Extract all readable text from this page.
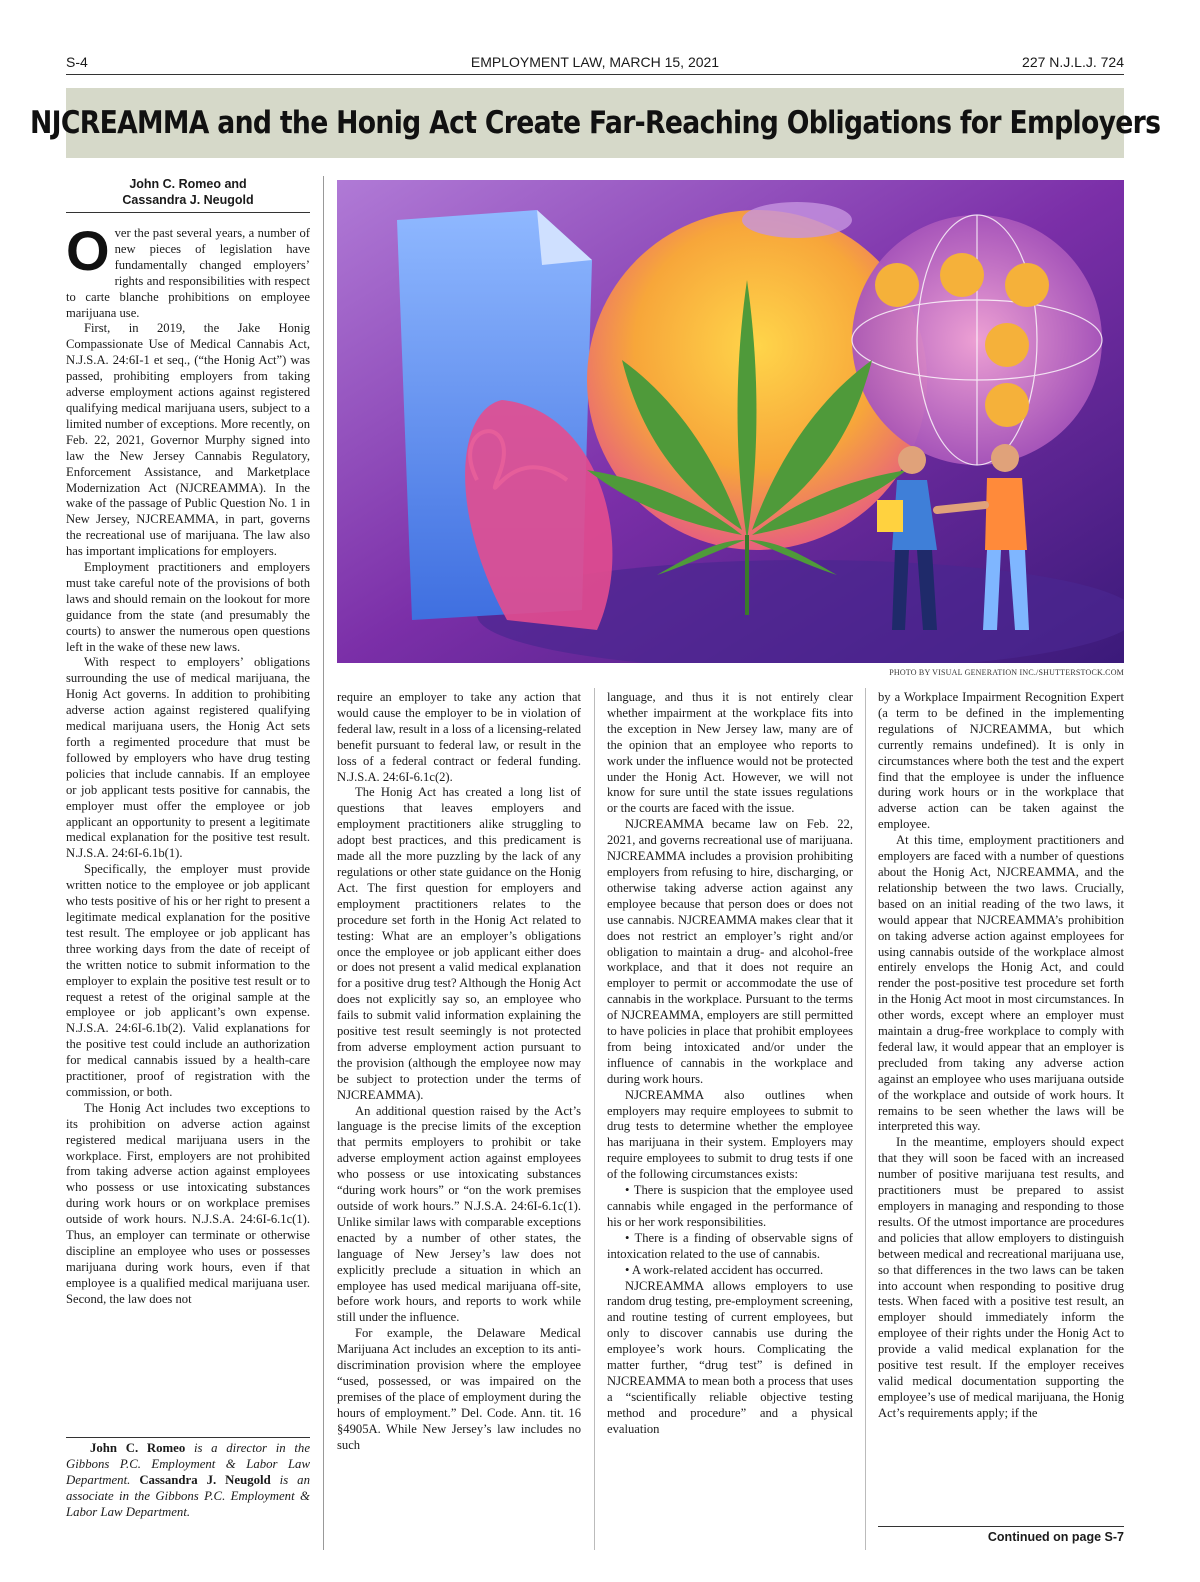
S-4	EMPLOYMENT LAW, MARCH 15, 2021	227 N.J.L.J. 724
NJCREAMMA and the Honig Act Create Far-Reaching Obligations for Employers
John C. Romeo and
Cassandra J. Neugold

Over the past several years, a number of new pieces of legislation have fundamentally changed employers’ rights and responsibilities with respect to carte blanche prohibitions on employee marijuana use.

First, in 2019, the Jake Honig Compassionate Use of Medical Cannabis Act, N.J.S.A. 24:6I-1 et seq., (“the Honig Act”) was passed, prohibiting employers from taking adverse employment actions against registered qualifying medical marijuana users, subject to a limited number of exceptions. More recently, on Feb. 22, 2021, Governor Murphy signed into law the New Jersey Cannabis Regulatory, Enforcement Assistance, and Marketplace Modernization Act (NJCREAMMA). In the wake of the passage of Public Question No. 1 in New Jersey, NJCREAMMA, in part, governs the recreational use of marijuana. The law also has important implications for employers.

Employment practitioners and employers must take careful note of the provisions of both laws and should remain on the lookout for more guidance from the state (and presumably the courts) to answer the numerous open questions left in the wake of these new laws.

With respect to employers’ obligations surrounding the use of medical marijuana, the Honig Act governs. In addition to prohibiting adverse action against registered qualifying medical marijuana users, the Honig Act sets forth a regimented procedure that must be followed by employers who have drug testing policies that include cannabis. If an employee or job applicant tests positive for cannabis, the employer must offer the employee or job applicant an opportunity to present a legitimate medical explanation for the positive test result. N.J.S.A. 24:6I-6.1b(1).

Specifically, the employer must provide written notice to the employee or job applicant who tests positive of his or her right to present a legitimate medical explanation for the positive test result. The employee or job applicant has three working days from the date of receipt of the written notice to submit information to the employer to explain the positive test result or to request a retest of the original sample at the employee or job applicant’s own expense. N.J.S.A. 24:6I-6.1b(2). Valid explanations for the positive test could include an authorization for medical cannabis issued by a health-care practitioner, proof of registration with the commission, or both.

The Honig Act includes two exceptions to its prohibition on adverse action against registered medical marijuana users in the workplace. First, employers are not prohibited from taking adverse action against employees who possess or use intoxicating substances during work hours or on workplace premises outside of work hours. N.J.S.A. 24:6I-6.1c(1). Thus, an employer can terminate or otherwise discipline an employee who uses or possesses marijuana during work hours, even if that employee is a qualified medical marijuana user. Second, the law does not

PHOTO BY VISUAL GENERATION INC./SHUTTERSTOCK.COM

require an employer to take any action that would cause the employer to be in violation of federal law, result in a loss of a licensing-related benefit pursuant to federal law, or result in the loss of a federal contract or federal funding. N.J.S.A. 24:6I-6.1c(2).

The Honig Act has created a long list of questions that leaves employers and employment practitioners alike struggling to adopt best practices, and this predicament is made all the more puzzling by the lack of any regulations or other state guidance on the Honig Act. The first question for employers and employment practitioners relates to the procedure set forth in the Honig Act related to testing: What are an employer’s obligations once the employee or job applicant either does or does not present a valid medical explanation for a positive drug test? Although the Honig Act does not explicitly say so, an employee who fails to submit valid information explaining the positive test result seemingly is not protected from adverse employment action pursuant to the provision (although the employee now may be subject to protection under the terms of NJCREAMMA).

An additional question raised by the Act’s language is the precise limits of the exception that permits employers to prohibit or take adverse employment action against employees who possess or use intoxicating substances “during work hours” or “on the work premises outside of work hours.” N.J.S.A. 24:6I-6.1c(1). Unlike similar laws with comparable exceptions enacted by a number of other states, the language of New Jersey’s law does not explicitly preclude a situation in which an employee has used medical marijuana off-site, before work hours, and reports to work while still under the influence.

For example, the Delaware Medical Marijuana Act includes an exception to its anti-discrimination provision where the employee “used, possessed, or was impaired on the premises of the place of employment during the hours of employment.” Del. Code. Ann. tit. 16 §4905A. While New Jersey’s law includes no such

language, and thus it is not entirely clear whether impairment at the workplace fits into the exception in New Jersey law, many are of the opinion that an employee who reports to work under the influence would not be protected under the Honig Act. However, we will not know for sure until the state issues regulations or the courts are faced with the issue.

NJCREAMMA became law on Feb. 22, 2021, and governs recreational use of marijuana. NJCREAMMA includes a provision prohibiting employers from refusing to hire, discharging, or otherwise taking adverse action against any employee because that person does or does not use cannabis. NJCREAMMA makes clear that it does not restrict an employer’s right and/or obligation to maintain a drug- and alcohol-free workplace, and that it does not require an employer to permit or accommodate the use of cannabis in the workplace. Pursuant to the terms of NJCREAMMA, employers are still permitted to have policies in place that prohibit employees from being intoxicated and/or under the influence of cannabis in the workplace and during work hours.

NJCREAMMA also outlines when employers may require employees to submit to drug tests to determine whether the employee has marijuana in their system. Employers may require employees to submit to drug tests if one of the following circumstances exists:

• There is suspicion that the employee used cannabis while engaged in the performance of his or her work responsibilities.

• There is a finding of observable signs of intoxication related to the use of cannabis.

• A work-related accident has occurred.

NJCREAMMA allows employers to use random drug testing, pre-employment screening, and routine testing of current employees, but only to discover cannabis use during the employee’s work hours. Complicating the matter further, “drug test” is defined in NJCREAMMA to mean both a process that uses a “scientifically reliable objective testing method and procedure” and a physical evaluation

by a Workplace Impairment Recognition Expert (a term to be defined in the implementing regulations of NJCREAMMA, but which currently remains undefined). It is only in circumstances where both the test and the expert find that the employee is under the influence during work hours or in the workplace that adverse action can be taken against the employee.

At this time, employment practitioners and employers are faced with a number of questions about the Honig Act, NJCREAMMA, and the relationship between the two laws. Crucially, based on an initial reading of the two laws, it would appear that NJCREAMMA’s prohibition on taking adverse action against employees for using cannabis outside of the workplace almost entirely envelops the Honig Act, and could render the post-positive test procedure set forth in the Honig Act moot in most circumstances. In other words, except where an employer must maintain a drug-free workplace to comply with federal law, it would appear that an employer is precluded from taking any adverse action against an employee who uses marijuana outside of the workplace and outside of work hours. It remains to be seen whether the laws will be interpreted this way.

In the meantime, employers should expect that they will soon be faced with an increased number of positive marijuana test results, and practitioners must be prepared to assist employers in managing and responding to those results. Of the utmost importance are procedures and policies that allow employers to distinguish between medical and recreational marijuana use, so that differences in the two laws can be taken into account when responding to positive drug tests. When faced with a positive test result, an employer should immediately inform the employee of their rights under the Honig Act to provide a valid medical explanation for the positive test result. If the employer receives valid medical documentation supporting the employee’s use of medical marijuana, the Honig Act’s requirements apply; if the

John C. Romeo is a director in the Gibbons P.C. Employment & Labor Law Department. Cassandra J. Neugold is an associate in the Gibbons P.C. Employment & Labor Law Department.

Continued on page S-7
